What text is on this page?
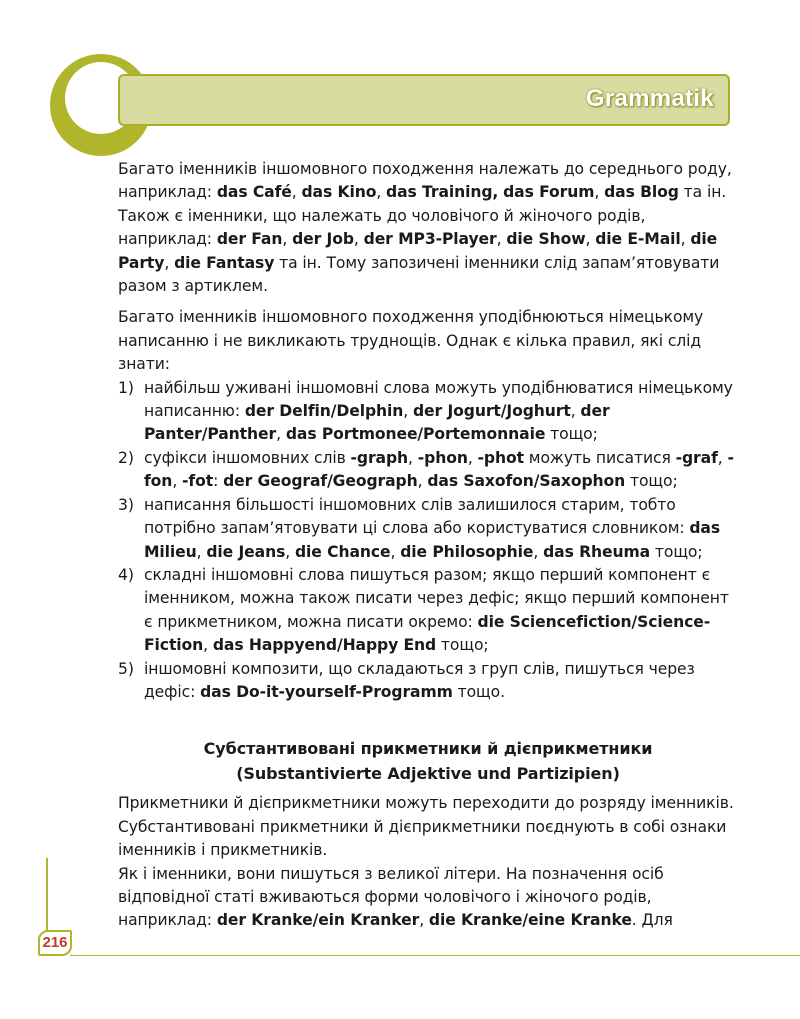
Grammatik

Багато іменників іншомовного походження належать до середнього роду, наприклад: das Café, das Kino, das Training, das Forum, das Blog та ін. Також є іменники, що належать до чоловічого й жіночого родів, наприклад: der Fan, der Job, der MP3-Player, die Show, die E-Mail, die Party, die Fantasy та ін. Тому запозичені іменники слід запам’ятовувати разом з артиклем.

Багато іменників іншомовного походження уподібнюються німецькому написанню і не викликають труднощів. Однак є кілька правил, які слід знати:

1) найбільш уживані іншомовні слова можуть уподібнюватися німецькому написанню: der Delfin/Delphin, der Jogurt/Joghurt, der Panter/Panther, das Portmonee/Portemonnaie тощо;
2) суфікси іншомовних слів -graph, -phon, -phot можуть писатися -graf, -fon, -fot: der Geograf/Geograph, das Saxofon/Saxophon тощо;
3) написання більшості іншомовних слів залишилося старим, тобто потрібно запам’ятовувати ці слова або користуватися словником: das Milieu, die Jeans, die Chance, die Philosophie, das Rheuma тощо;
4) складні іншомовні слова пишуться разом; якщо перший компонент є іменником, можна також писати через дефіс; якщо перший компонент є прикметником, можна писати окремо: die Sciencefiction/Science-Fiction, das Happyend/Happy End тощо;
5) іншомовні композити, що складаються з груп слів, пишуться через дефіс: das Do-it-yourself-Programm тощо.
Субстантивовані прикметники й дієприкметники
(Substantivierte Adjektive und Partizipien)

Прикметники й дієприкметники можуть переходити до розряду іменників. Субстантивовані прикметники й дієприкметники поєднують в собі ознаки іменників і прикметників.

Як і іменники, вони пишуться з великої літери. На позначення осіб відповідної статі вживаються форми чоловічого і жіночого родів, наприклад: der Kranke/ein Kranker, die Kranke/eine Kranke. Для

216
